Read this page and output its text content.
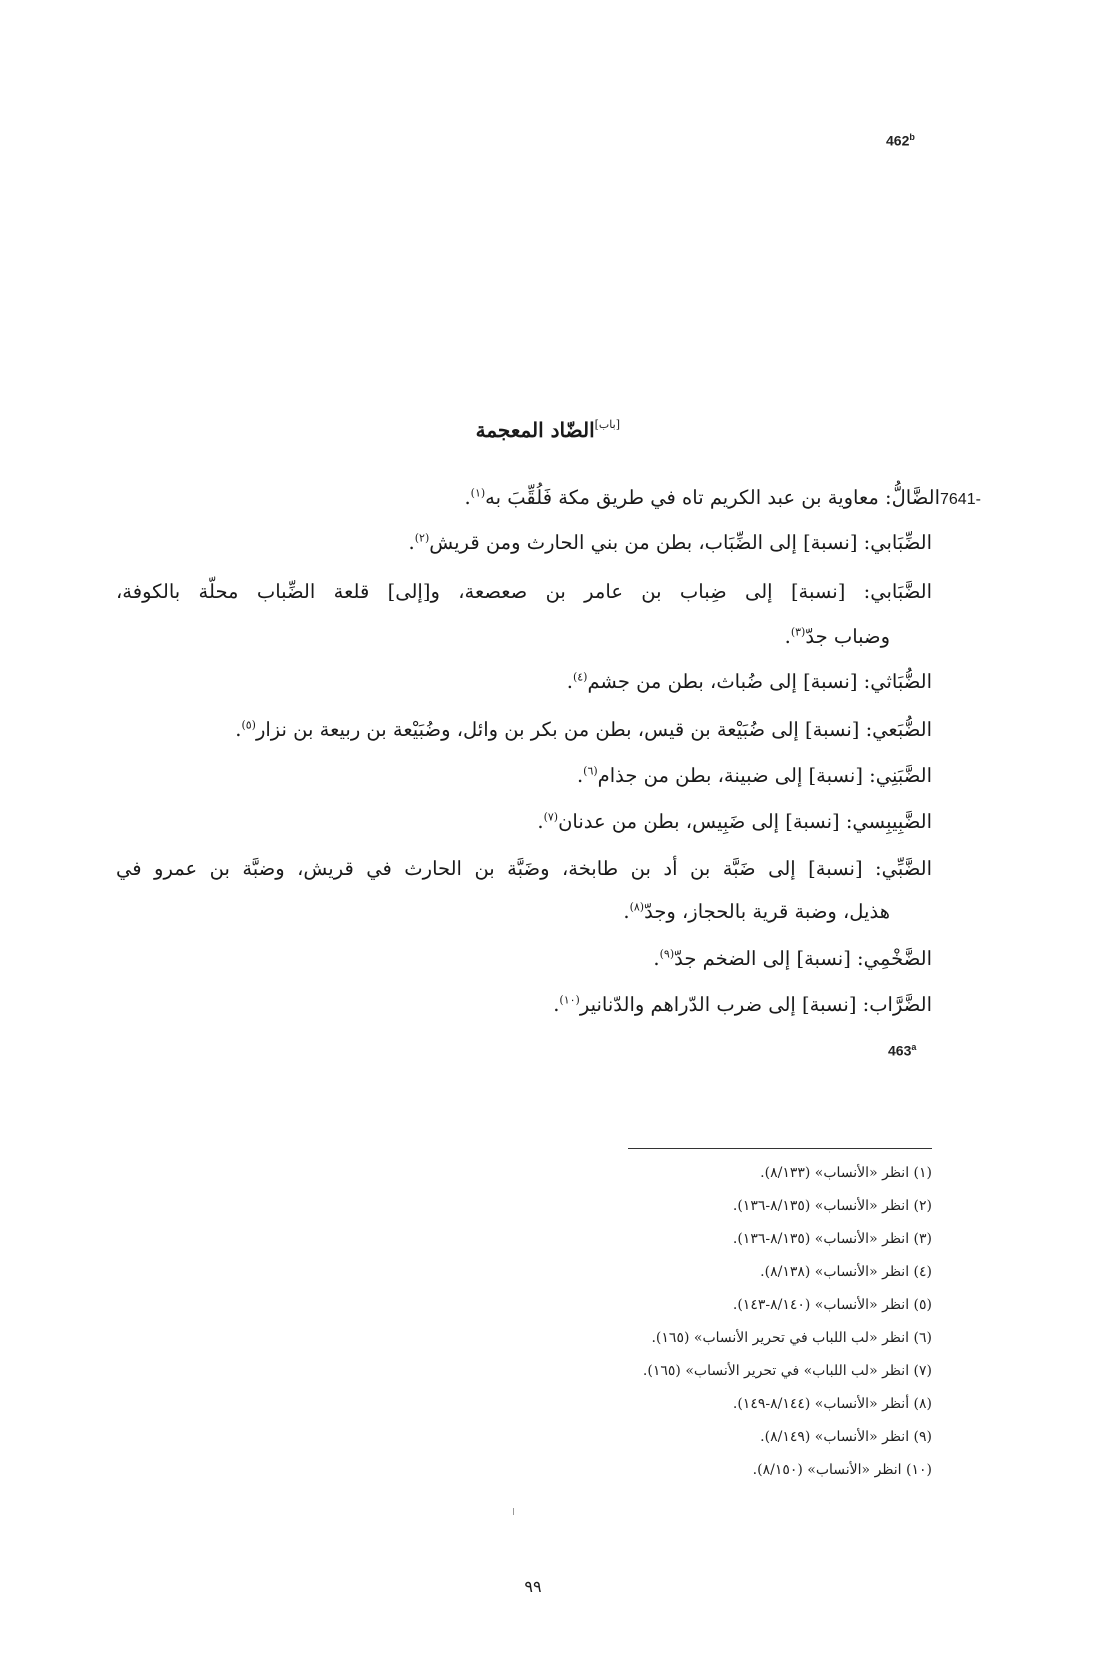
462$^b$
[باب]الضّاد المعجمة
7641-
الضَّالُّ: معاوية بن عبد الكريم تاه في طريق مكة فَلُقِّبَ به$^{(١)}$.
الضِّبَابي: [نسبة] إلى الضِّبَاب، بطن من بني الحارث ومن قريش$^{(٢)}$.
الضَّبَابي: [نسبة] إلى ضِباب بن عامر بن صعصعة، و[إلى] قلعة الضِّباب محلّة بالكوفة،
وضباب جدّ$^{(٣)}$.
الضُّبَاثي: [نسبة] إلى ضُباث، بطن من جشم$^{(٤)}$.
الضُّبَعي: [نسبة] إلى ضُبَيْعة بن قيس، بطن من بكر بن وائل، وضُبَيْعة بن ربيعة بن نزار$^{(٥)}$.
الضَّبَنِي: [نسبة] إلى ضبينة، بطن من جذام$^{(٦)}$.
الضَّبِيبِسي: [نسبة] إلى ضَبِيس، بطن من عدنان$^{(٧)}$.
الضَّبِّي: [نسبة] إلى ضَبَّة بن أد بن طابخة، وضَبَّة بن الحارث في قريش، وضبَّة بن عمرو في
هذيل، وضبة قرية بالحجاز، وجدّ$^{(٨)}$.
الضَّخْمِي: [نسبة] إلى الضخم جدّ$^{(٩)}$.
الضَّرَّاب: [نسبة] إلى ضرب الدّراهم والدّنانير$^{(١٠)}$.
463$^a$
(١) انظر «الأنساب» (٨/١٣٣).
(٢) انظر «الأنساب» (٨/١٣٥-١٣٦).
(٣) انظر «الأنساب» (٨/١٣٥-١٣٦).
(٤) انظر «الأنساب» (٨/١٣٨).
(٥) انظر «الأنساب» (٨/١٤٠-١٤٣).
(٦) انظر «لب اللباب في تحرير الأنساب» (١٦٥).
(٧) انظر «لب اللباب» في تحرير الأنساب» (١٦٥).
(٨) أنظر «الأنساب» (٨/١٤٤-١٤٩).
(٩) انظر «الأنساب» (٨/١٤٩).
(١٠) انظر «الأنساب» (٨/١٥٠).
٩٩
